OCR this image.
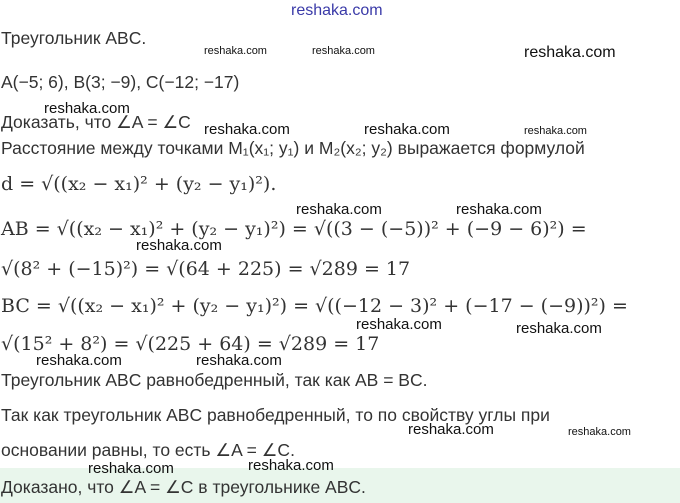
reshaka.com
Треугольник ABC.
A(−5; 6), B(3; −9), C(−12; −17)
Доказать, что ∠A = ∠C
Расстояние между точками M₁(x₁; y₁) и M₂(x₂; y₂) выражается формулой
d = √((x₂ − x₁)² + (y₂ − y₁)²).
AB = √((x₂ − x₁)² + (y₂ − y₁)²) = √((3 − (−5))² + (−9 − 6)²) =
√(8² + (−15)²) = √(64 + 225) = √289 = 17
BC = √((x₂ − x₁)² + (y₂ − y₁)²) = √((−12 − 3)² + (−17 − (−9))²) =
√(15² + 8²) = √(225 + 64) = √289 = 17
Треугольник ABC равнобедренный, так как AB = BC.
Так как треугольник ABC равнобедренный, то по свойству углы при
основании равны, то есть ∠A = ∠C.
Доказано, что ∠A = ∠C в треугольнике ABC.
reshaka.com	reshaka.com	reshaka.com
reshaka.com
reshaka.com	reshaka.com	reshaka.com
reshaka.com	reshaka.com
reshaka.com
reshaka.com	reshaka.com
reshaka.com	reshaka.com
reshaka.com	reshaka.com
reshaka.com	reshaka.com
